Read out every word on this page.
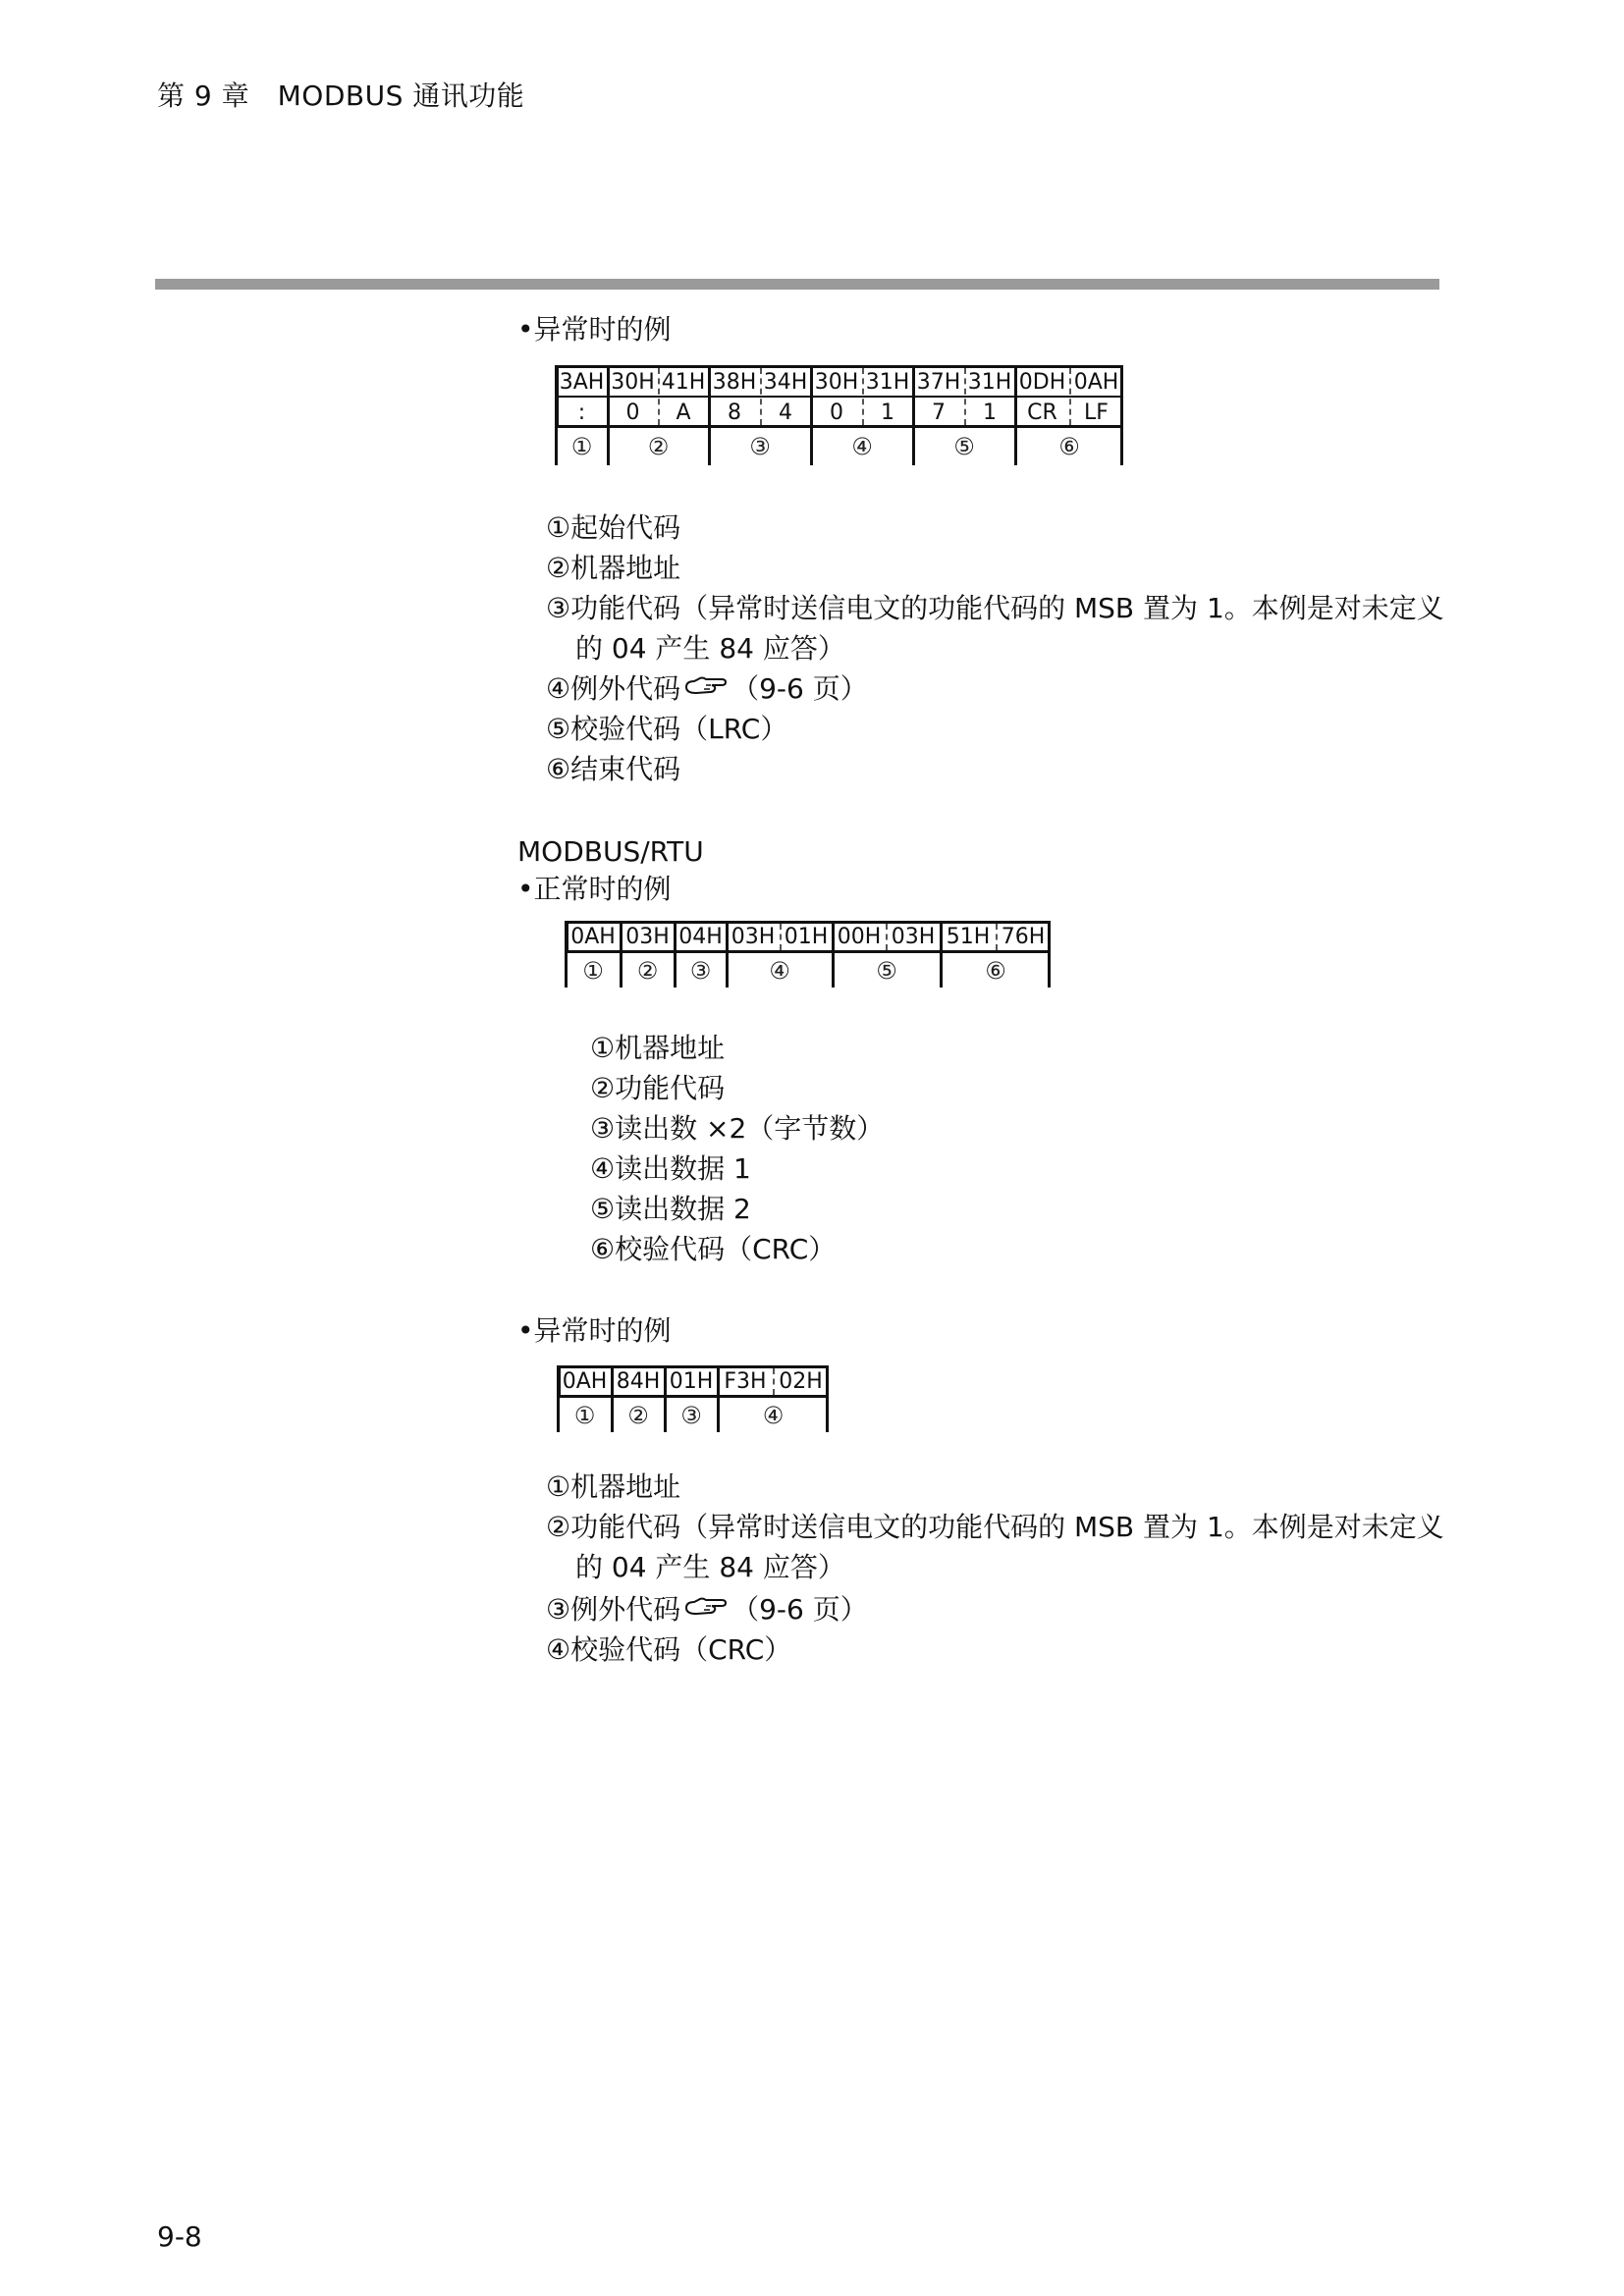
第 9 章　MODBUS 通讯功能
•异常时的例
3AH 30H 41H 38H 34H 30H 31H 37H 31H 0DH 0AH
:	0	A	8	4	0	1	7	1	CR	LF
①	②	③	④	⑤	⑥
①起始代码
②机器地址
③功能代码（异常时送信电文的功能代码的 MSB 置为 1。本例是对未定义
的 04 产生 84 应答）
④例外代码 （9-6 页）
⑤校验代码（LRC）
⑥结束代码
MODBUS/RTU
•正常时的例
0AH 03H 04H 03H 01H 00H 03H 51H 76H
①	②	③	④	⑤	⑥
①机器地址
②功能代码
③读出数 ×2（字节数）
④读出数据 1
⑤读出数据 2
⑥校验代码（CRC）
•异常时的例
0AH 84H 01H F3H 02H
①	②	③	④
①机器地址
②功能代码（异常时送信电文的功能代码的 MSB 置为 1。本例是对未定义
的 04 产生 84 应答）
③例外代码 （9-6 页）
④校验代码（CRC）
9-8
